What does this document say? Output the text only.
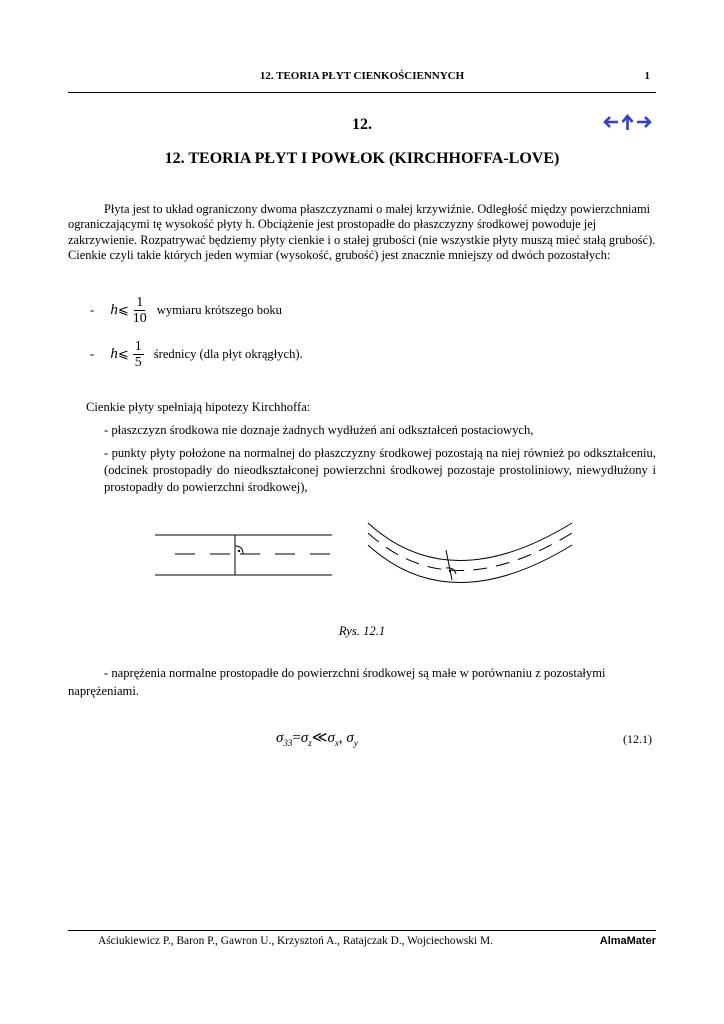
12. TEORIA PŁYT CIENKOŚCIENNYCH	1
12.
12. TEORIA PŁYT I POWŁOK (KIRCHHOFFA-LOVE)

Płyta jest to układ ograniczony dwoma płaszczyznami o małej krzywiźnie. Odległość między powierzchniami ograniczającymi tę wysokość płyty h. Obciążenie jest prostopadłe do płaszczyzny środkowej powoduje jej zakrzywienie. Rozpatrywać będziemy płyty cienkie i o stałej grubości (nie wszystkie płyty muszą mieć stałą grubość). Cienkie czyli takie których jeden wymiar (wysokość, grubość) jest znacznie mniejszy od dwóch pozostałych:

- h ⩽ $\frac{1}{10}$ wymiaru krótszego boku
- h ⩽ $\frac{1}{5}$ średnicy (dla płyt okrągłych).
Cienkie płyty spełniają hipotezy Kirchhoffa:
- płaszczyzn środkowa nie doznaje żadnych wydłużeń ani odkształceń postaciowych,
- punkty płyty położone na normalnej do płaszczyzny środkowej pozostają na niej również po odkształceniu,(odcinek prostopadły do nieodkształconej powierzchni środkowej pozostaje prostoliniowy, niewydłużony i prostopadły do powierzchni środkowej),
Rys. 12.1
- naprężenia normalne prostopadłe do powierzchni środkowej są małe w porównaniu z pozostałymi naprężeniami.
$\sigma_{33}=\sigma_z≪\sigma_x$, $\sigma_y$	(12.1)
Aściukiewicz P., Baron P., Gawron U., Krzysztoń A., Ratajczak D., Wojciechowski M.	AlmaMater
